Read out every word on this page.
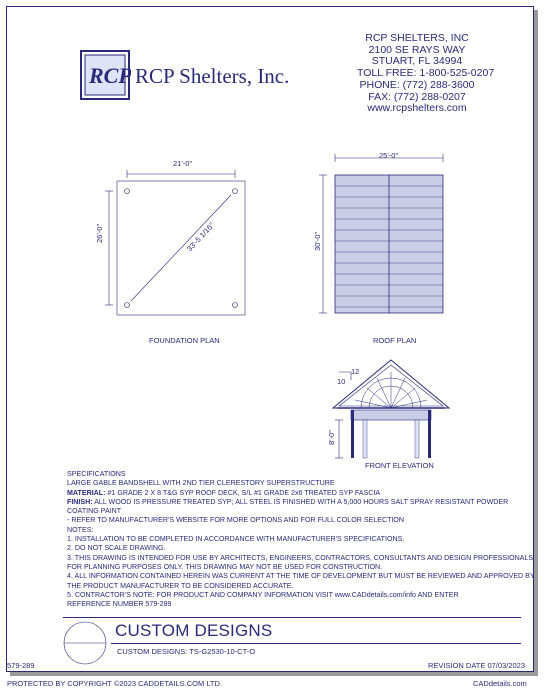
RCP RCP Shelters, Inc.
RCP SHELTERS, INC
2100 SE RAYS WAY
STUART, FL 34994
TOLL FREE: 1-800-525-0207
PHONE: (772) 288-3600
FAX: (772) 288-0207
www.rcpshelters.com
21'-0"
26'-0"	33'-5 1/16"
FOUNDATION PLAN
25'-0"
30'-0"
ROOF PLAN
12
10
8'-0"
FRONT ELEVATION
SPECIFICATIONS
LARGE GABLE BANDSHELL WITH 2ND TIER CLERESTORY SUPERSTRUCTURE
MATERIAL: #1 GRADE 2 X 8 T&G SYP ROOF DECK, S/L #1 GRADE 2x6 TREATED SYP FASCIA
FINISH: ALL WOOD IS PRESSURE TREATED SYP; ALL STEEL IS FINISHED WITH A 5,000 HOURS SALT SPRAY RESISTANT POWDER
COATING PAINT
- REFER TO MANUFACTURER'S WEBSITE FOR MORE OPTIONS AND FOR FULL COLOR SELECTION
NOTES:
1. INSTALLATION TO BE COMPLETED IN ACCORDANCE WITH MANUFACTURER'S SPECIFICATIONS.
2. DO NOT SCALE DRAWING.
3. THIS DRAWING IS INTENDED FOR USE BY ARCHITECTS, ENGINEERS, CONTRACTORS, CONSULTANTS AND DESIGN PROFESSIONALS
FOR PLANNING PURPOSES ONLY. THIS DRAWING MAY NOT BE USED FOR CONSTRUCTION.
4. ALL INFORMATION CONTAINED HEREIN WAS CURRENT AT THE TIME OF DEVELOPMENT BUT MUST BE REVIEWED AND APPROVED BY
THE PRODUCT MANUFACTURER TO BE CONSIDERED ACCURATE.
5. CONTRACTOR'S NOTE: FOR PRODUCT AND COMPANY INFORMATION VISIT www.CADdetails.com/info AND ENTER
REFERENCE NUMBER 579-289
CUSTOM DESIGNS
CUSTOM DESIGNS: TS-G2530-10-CT-O
579-289	REVISION DATE 07/03/2023
PROTECTED BY COPYRIGHT ©2023 CADDETAILS.COM LTD.	CADdetails.com
